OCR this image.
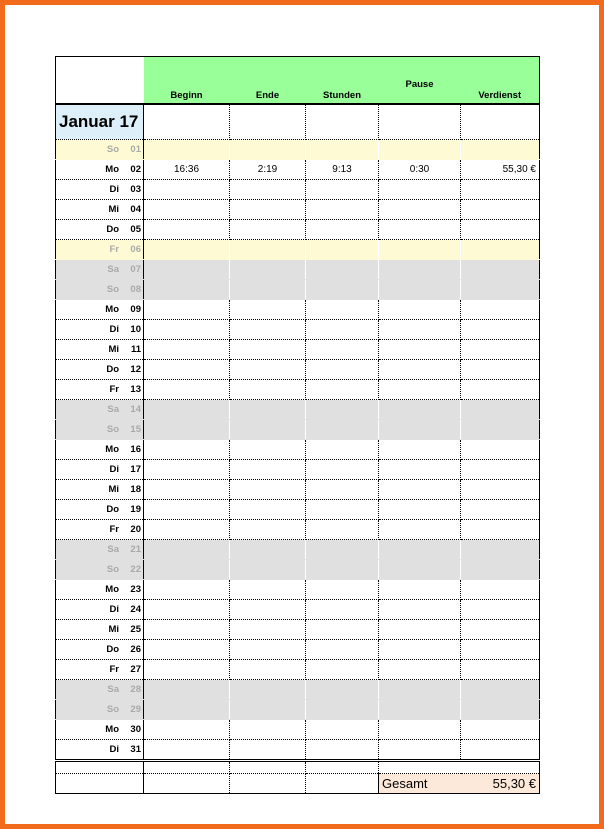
	Beginn	Ende	Stunden	Pause	Verdienst
Januar 17					
So 01					
Mo 02	16:36	2:19	9:13	0:30	55,30 €
Di 03					
Mi 04					
Do 05					
Fr 06					
Sa 07					
So 08					
Mo 09					
Di 10					
Mi 11					
Do 12					
Fr 13					
Sa 14					
So 15					
Mo 16					
Di 17					
Mi 18					
Do 19					
Fr 20					
Sa 21					
So 22					
Mo 23					
Di 24					
Mi 25					
Do 26					
Fr 27					
Sa 28					
So 29					
Mo 30					
Di 31					

				Gesamt	55,30 €
